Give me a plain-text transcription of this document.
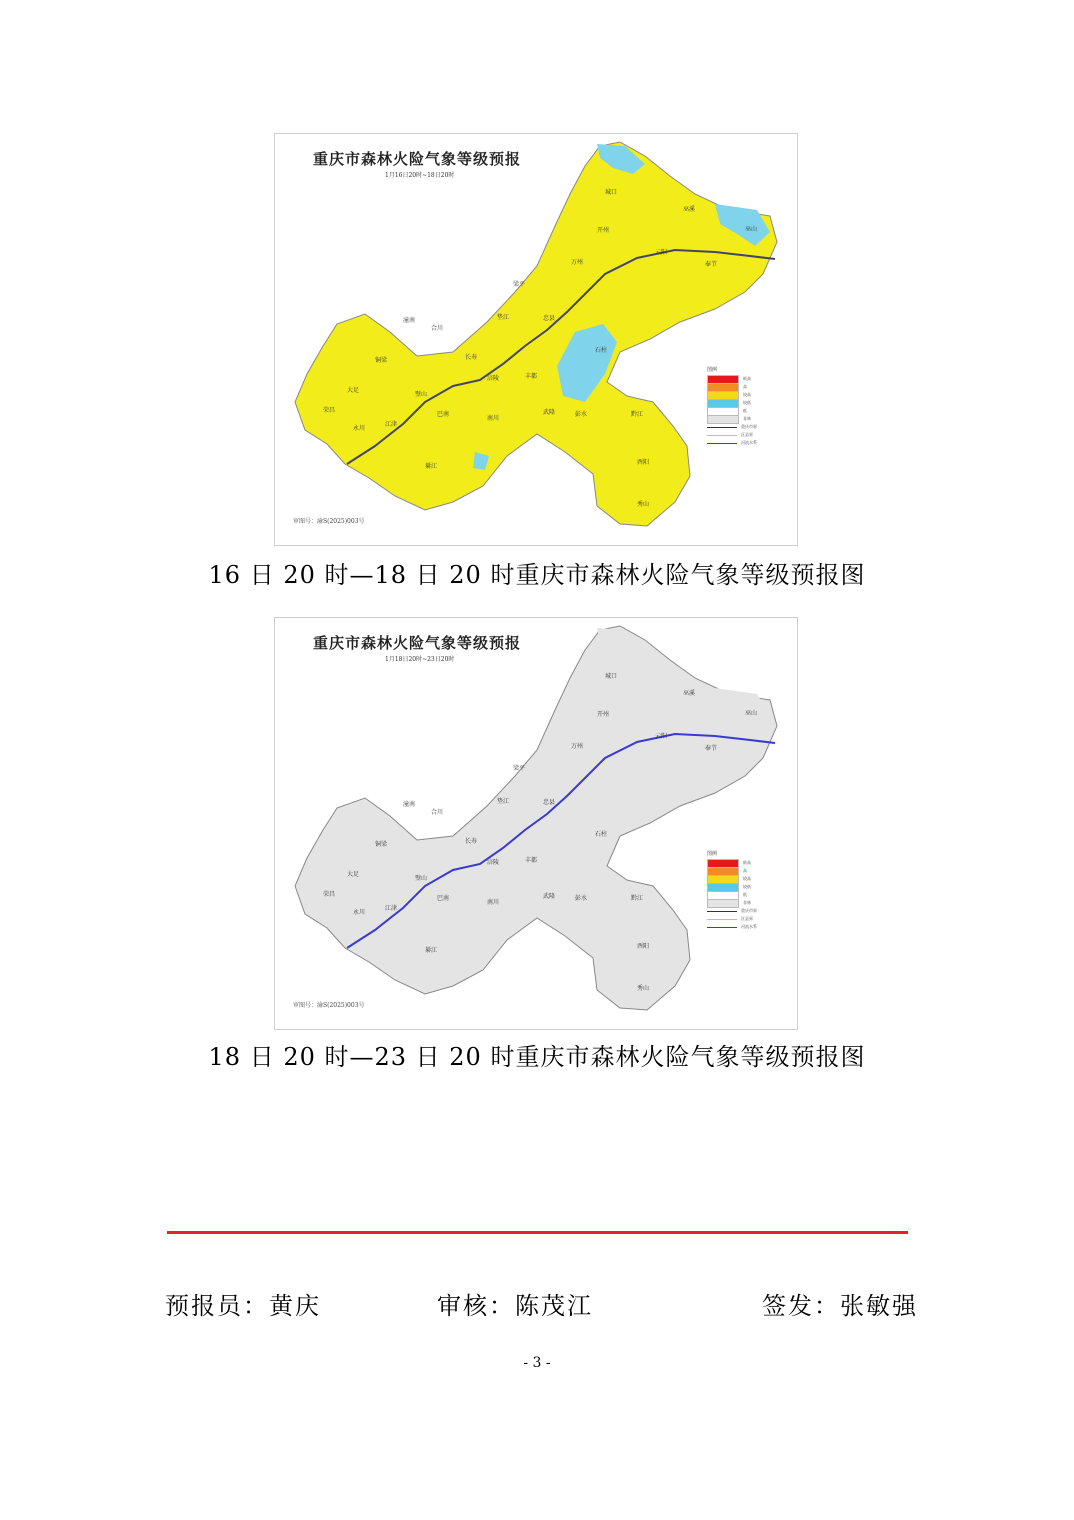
城口
巫溪
巫山
奉节
云阳
开州
万州
梁平
忠县
石柱
垫江
长寿
涪陵	丰都
武隆	彭水	黔江
酉阳
秀山
潼南
合川
铜梁
大足
荣昌
永川
璧山
江津
綦江
南川
巴南
重庆市森林火险气象等级预报
1月16日20时~18日20时
审图号：渝S(2025)003号
图例
极高
高
较高
较低
低
非林
重庆市界
区县界
河流水系
16 日 20 时—18 日 20 时重庆市森林火险气象等级预报图
城口
巫溪
巫山
奉节
云阳
开州
万州
梁平
忠县
石柱
垫江
长寿
涪陵	丰都
武隆	彭水	黔江
酉阳
秀山
潼南
合川
铜梁
大足
荣昌
永川
璧山
江津
綦江
南川
巴南
重庆市森林火险气象等级预报
1月18日20时~23日20时
审图号：渝S(2025)003号
图例
极高
高
较高
较低
低
非林
重庆市界
区县界
河流水系
18 日 20 时—23 日 20 时重庆市森林火险气象等级预报图
预报员：黄庆	审核：陈茂江	签发：张敏强
- 3 -
